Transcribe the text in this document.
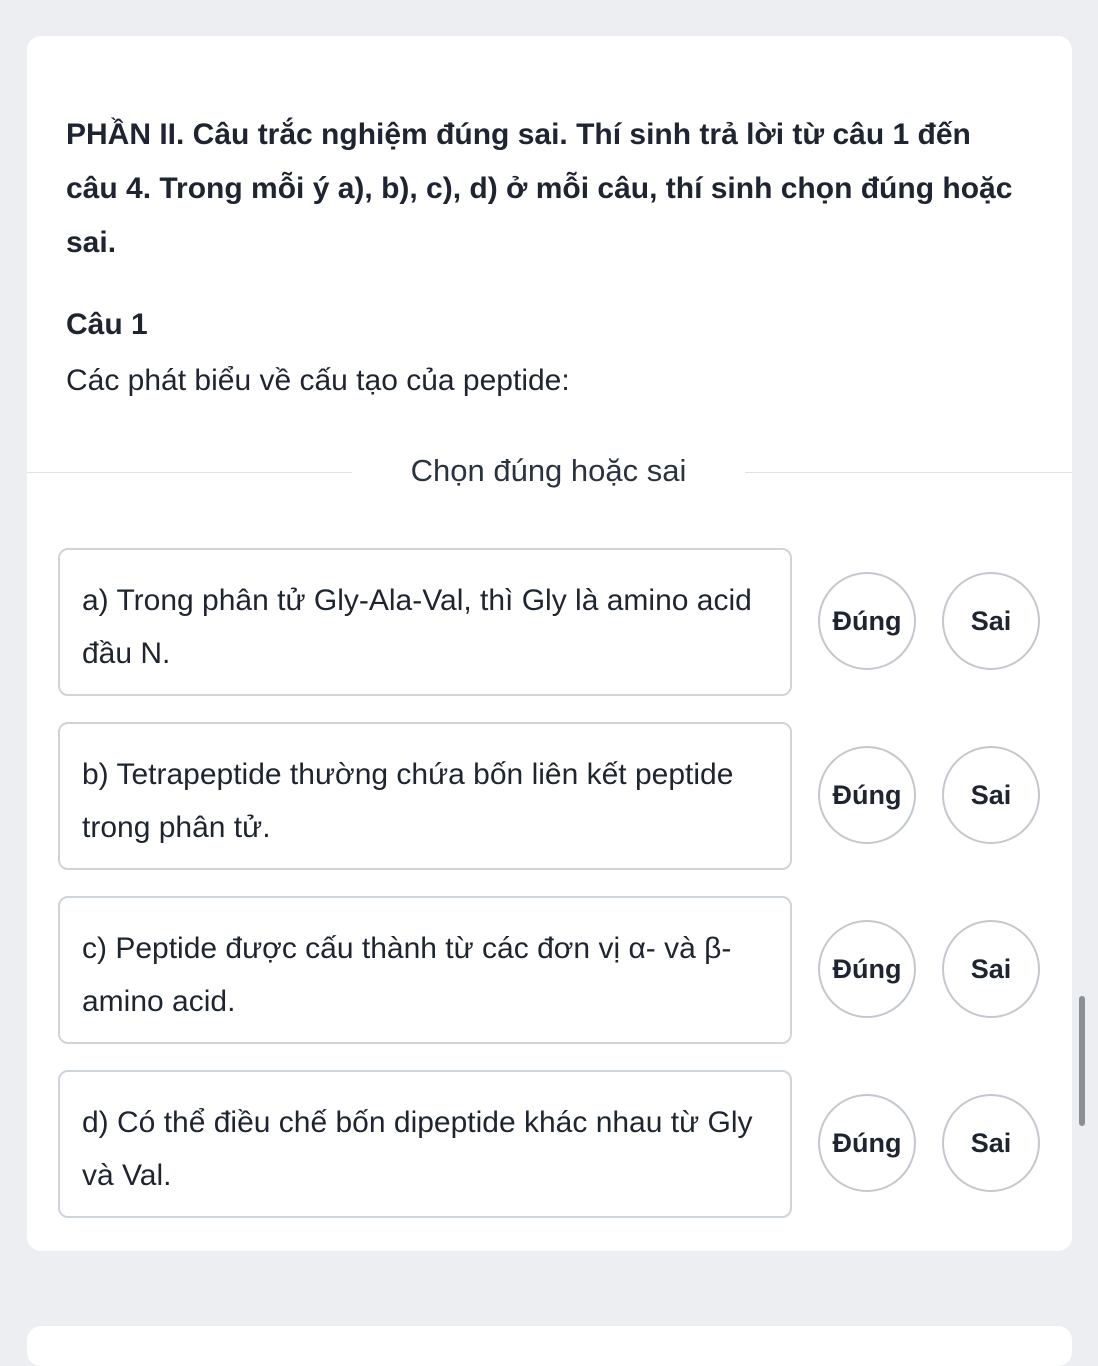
PHẦN II. Câu trắc nghiệm đúng sai. Thí sinh trả lời từ câu 1 đến câu 4. Trong mỗi ý a), b), c), d) ở mỗi câu, thí sinh chọn đúng hoặc sai.

Câu 1

Các phát biểu về cấu tạo của peptide:

Chọn đúng hoặc sai

a) Trong phân tử Gly-Ala-Val, thì Gly là amino acid đầu N.

Đúng	Sai

b) Tetrapeptide thường chứa bốn liên kết peptide trong phân tử.

Đúng	Sai

c) Peptide được cấu thành từ các đơn vị α- và β-amino acid.

Đúng	Sai

d) Có thể điều chế bốn dipeptide khác nhau từ Gly và Val.

Đúng	Sai
